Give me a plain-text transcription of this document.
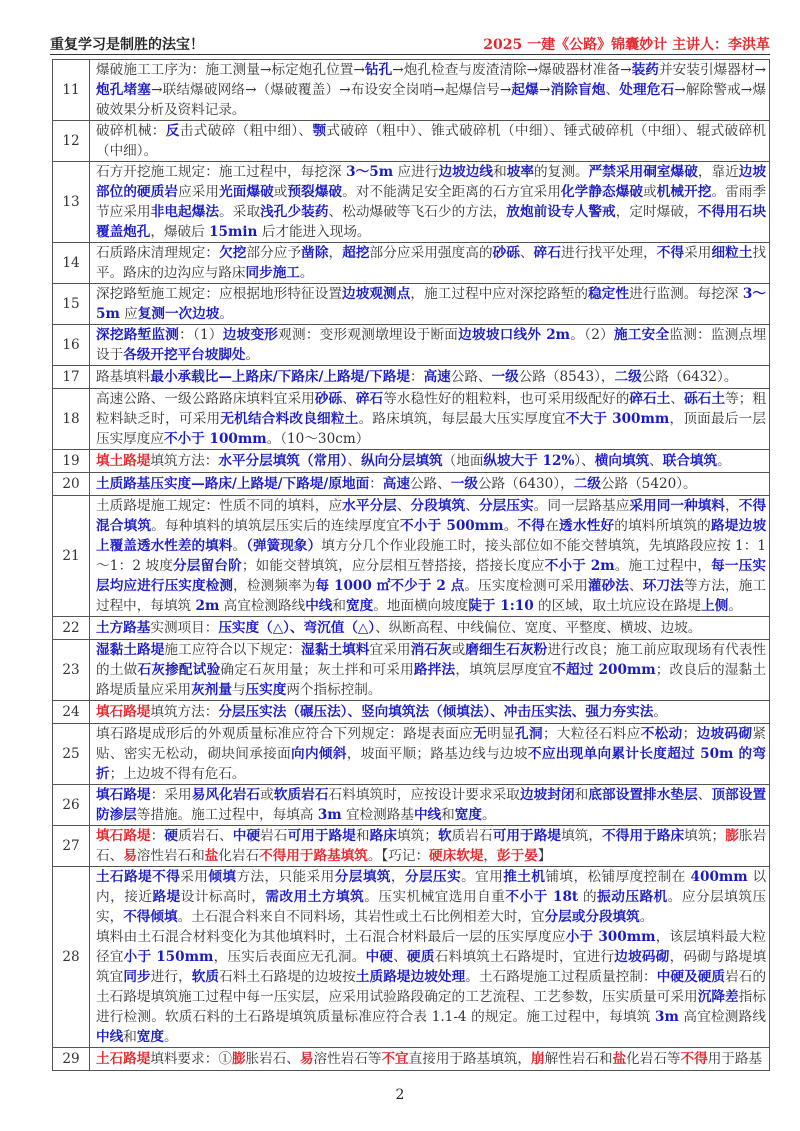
重复学习是制胜的法宝！	2025 一建《公路》锦囊妙计 主讲人：李洪革
11	爆破施工工序为：施工测量→标定炮孔位置→钻孔→炮孔检查与废渣清除→爆破器材准备→装药并安装引爆器材→炮孔堵塞→联结爆破网络→（爆破覆盖）→布设安全岗哨→起爆信号→起爆→消除盲炮、处理危石→解除警戒→爆破效果分析及资料记录。

12	破碎机械：反击式破碎（粗中细）、颚式破碎（粗中）、锥式破碎机（中细）、锤式破碎机（中细）、辊式破碎机（中细）。

13	石方开挖施工规定：施工过程中，每挖深 3～5m 应进行边坡边线和坡率的复测。严禁采用硐室爆破，靠近边坡部位的硬质岩应采用光面爆破或预裂爆破。对不能满足安全距离的石方宜采用化学静态爆破或机械开挖。雷雨季节应采用非电起爆法。采取浅孔少装药、松动爆破等飞石少的方法，放炮前设专人警戒，定时爆破，不得用石块覆盖炮孔，爆破后 15min 后才能进入现场。

14	石质路床清理规定：欠挖部分应予凿除，超挖部分应采用强度高的砂砾、碎石进行找平处理，不得采用细粒土找平。路床的边沟应与路床同步施工。

15	深挖路堑施工规定：应根据地形特征设置边坡观测点，施工过程中应对深挖路堑的稳定性进行监测。每挖深 3～5m 应复测一次边坡。

16	深挖路堑监测：（1）边坡变形观测：变形观测墩埋设于断面边坡坡口线外 2m。（2）施工安全监测：监测点埋设于各级开挖平台坡脚处。

17	路基填料最小承载比—上路床/下路床/上路堤/下路堤：高速公路、一级公路（8543），二级公路（6432）。

18	高速公路、一级公路路床填料宜采用砂砾、碎石等水稳性好的粗粒料，也可采用级配好的碎石土、砾石土等；粗粒料缺乏时，可采用无机结合料改良细粒土。路床填筑，每层最大压实厚度宜不大于 300mm，顶面最后一层压实厚度应不小于 100mm。（10～30cm）

19	填土路堤填筑方法：水平分层填筑（常用）、纵向分层填筑（地面纵坡大于 12%）、横向填筑、联合填筑。

20	土质路基压实度—路床/上路堤/下路堤/原地面：高速公路、一级公路（6430），二级公路（5420）。

21	土质路堤施工规定：性质不同的填料，应水平分层、分段填筑、分层压实。同一层路基应采用同一种填料，不得混合填筑。每种填料的填筑层压实后的连续厚度宜不小于 500mm。不得在透水性好的填料所填筑的路堤边坡上覆盖透水性差的填料。（弹簧现象）填方分几个作业段施工时，接头部位如不能交替填筑，先填路段应按 1：1～1：2 坡度分层留台阶；如能交替填筑，应分层相互替搭接，搭接长度应不小于 2m。施工过程中，每一压实层均应进行压实度检测，检测频率为每 1000 ㎡不少于 2 点。压实度检测可采用灌砂法、环刀法等方法，施工过程中，每填筑 2m 高宜检测路线中线和宽度。地面横向坡度陡于 1:10 的区域，取土坑应设在路堤上侧。

22	土方路基实测项目：压实度（△）、弯沉值（△）、纵断高程、中线偏位、宽度、平整度、横坡、边坡。

23	湿黏土路堤施工应符合以下规定：湿黏土填料宜采用消石灰或磨细生石灰粉进行改良；施工前应取现场有代表性的土做石灰掺配试验确定石灰用量；灰土拌和可采用路拌法，填筑层厚度宜不超过 200mm；改良后的湿黏土路堤质量应采用灰剂量与压实度两个指标控制。

24	填石路堤填筑方法：分层压实法（碾压法）、竖向填筑法（倾填法）、冲击压实法、强力夯实法。

25	填石路堤成形后的外观质量标准应符合下列规定：路堤表面应无明显孔洞；大粒径石料应不松动；边坡码砌紧贴、密实无松动，砌块间承接面向内倾斜，坡面平顺；路基边线与边坡不应出现单向累计长度超过 50m 的弯折；上边坡不得有危石。

26	填石路堤：采用易风化岩石或软质岩石石料填筑时，应按设计要求采取边坡封闭和底部设置排水垫层、顶部设置防渗层等措施。施工过程中，每填高 3m 宜检测路基中线和宽度。

27	填石路堤：硬质岩石、中硬岩石可用于路堤和路床填筑；软质岩石可用于路堤填筑，不得用于路床填筑；膨胀岩石、易溶性岩石和盐化岩石不得用于路基填筑。【巧记：硬床软堤，彭于晏】

28	土石路堤不得采用倾填方法，只能采用分层填筑，分层压实。宜用推土机铺填，松铺厚度控制在 400mm 以内，接近路堤设计标高时，需改用土方填筑。压实机械宜选用自重不小于 18t 的振动压路机。应分层填筑压实，不得倾填。土石混合料来自不同料场，其岩性或土石比例相差大时，宜分层或分段填筑。
填料由土石混合材料变化为其他填料时，土石混合材料最后一层的压实厚度应小于 300mm，该层填料最大粒径宜小于 150mm，压实后表面应无孔洞。中硬、硬质石料填筑土石路堤时，宜进行边坡码砌，码砌与路堤填筑宜同步进行，软质石料土石路堤的边坡按土质路堤边坡处理。土石路堤施工过程质量控制：中硬及硬质岩石的土石路堤填筑施工过程中每一压实层，应采用试验路段确定的工艺流程、工艺参数，压实质量可采用沉降差指标进行检测。软质石料的土石路堤填筑质量标准应符合表 1.1-4 的规定。施工过程中，每填筑 3m 高宜检测路线中线和宽度。

29	土石路堤填料要求：①膨胀岩石、易溶性岩石等不宜直接用于路基填筑，崩解性岩石和盐化岩石等不得用于路基
2
